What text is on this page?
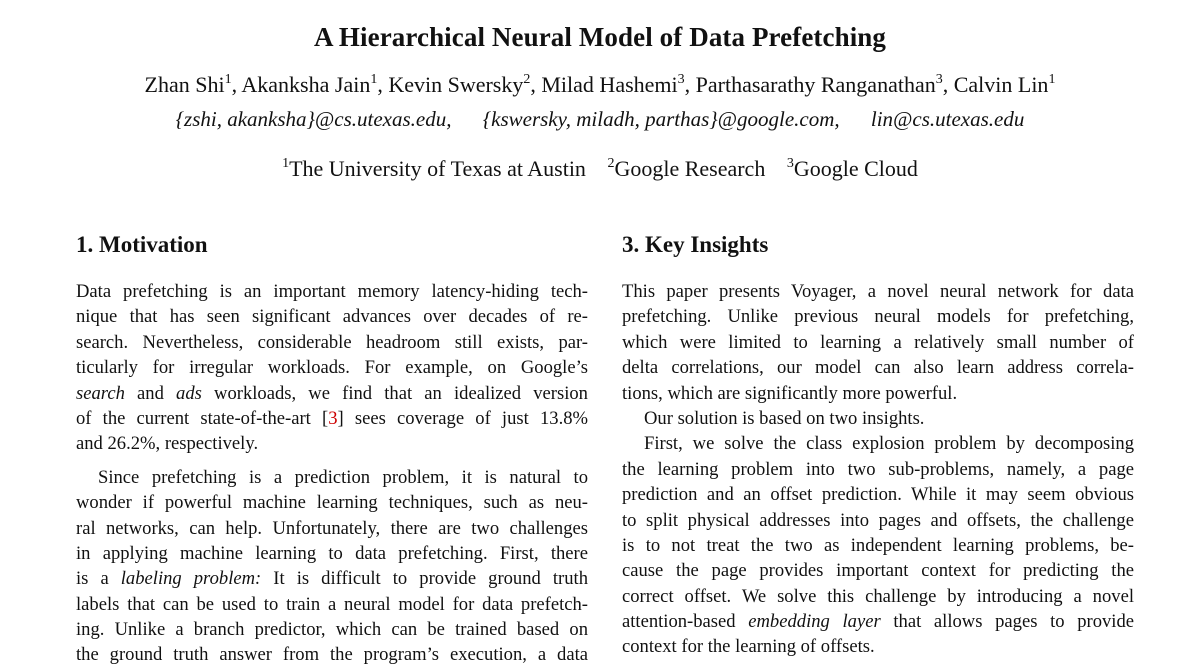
A Hierarchical Neural Model of Data Prefetching
Zhan Shi$^1$, Akanksha Jain$^1$, Kevin Swersky$^2$, Milad Hashemi$^3$, Parthasarathy Ranganathan$^3$, Calvin Lin$^1$
{zshi, akanksha}@cs.utexas.edu, {kswersky, miladh, parthas}@google.com, lin@cs.utexas.edu
$^1$The University of Texas at Austin $^2$Google Research $^3$Google Cloud
1. Motivation
Data prefetching is an important memory latency-hiding tech-
nique that has seen significant advances over decades of re-
search. Nevertheless, considerable headroom still exists, par-
ticularly for irregular workloads. For example, on Google’s
search and ads workloads, we find that an idealized version
of the current state-of-the-art [3] sees coverage of just 13.8%
and 26.2%, respectively.
Since prefetching is a prediction problem, it is natural to
wonder if powerful machine learning techniques, such as neu-
ral networks, can help. Unfortunately, there are two challenges
in applying machine learning to data prefetching. First, there
is a labeling problem: It is difficult to provide ground truth
labels that can be used to train a neural model for data prefetch-
ing. Unlike a branch predictor, which can be trained based on
the ground truth answer from the program’s execution, a data
3. Key Insights
This paper presents Voyager, a novel neural network for data
prefetching. Unlike previous neural models for prefetching,
which were limited to learning a relatively small number of
delta correlations, our model can also learn address correla-
tions, which are significantly more powerful.
Our solution is based on two insights.
First, we solve the class explosion problem by decomposing
the learning problem into two sub-problems, namely, a page
prediction and an offset prediction. While it may seem obvious
to split physical addresses into pages and offsets, the challenge
is to not treat the two as independent learning problems, be-
cause the page provides important context for predicting the
correct offset. We solve this challenge by introducing a novel
attention-based embedding layer that allows pages to provide
context for the learning of offsets.
